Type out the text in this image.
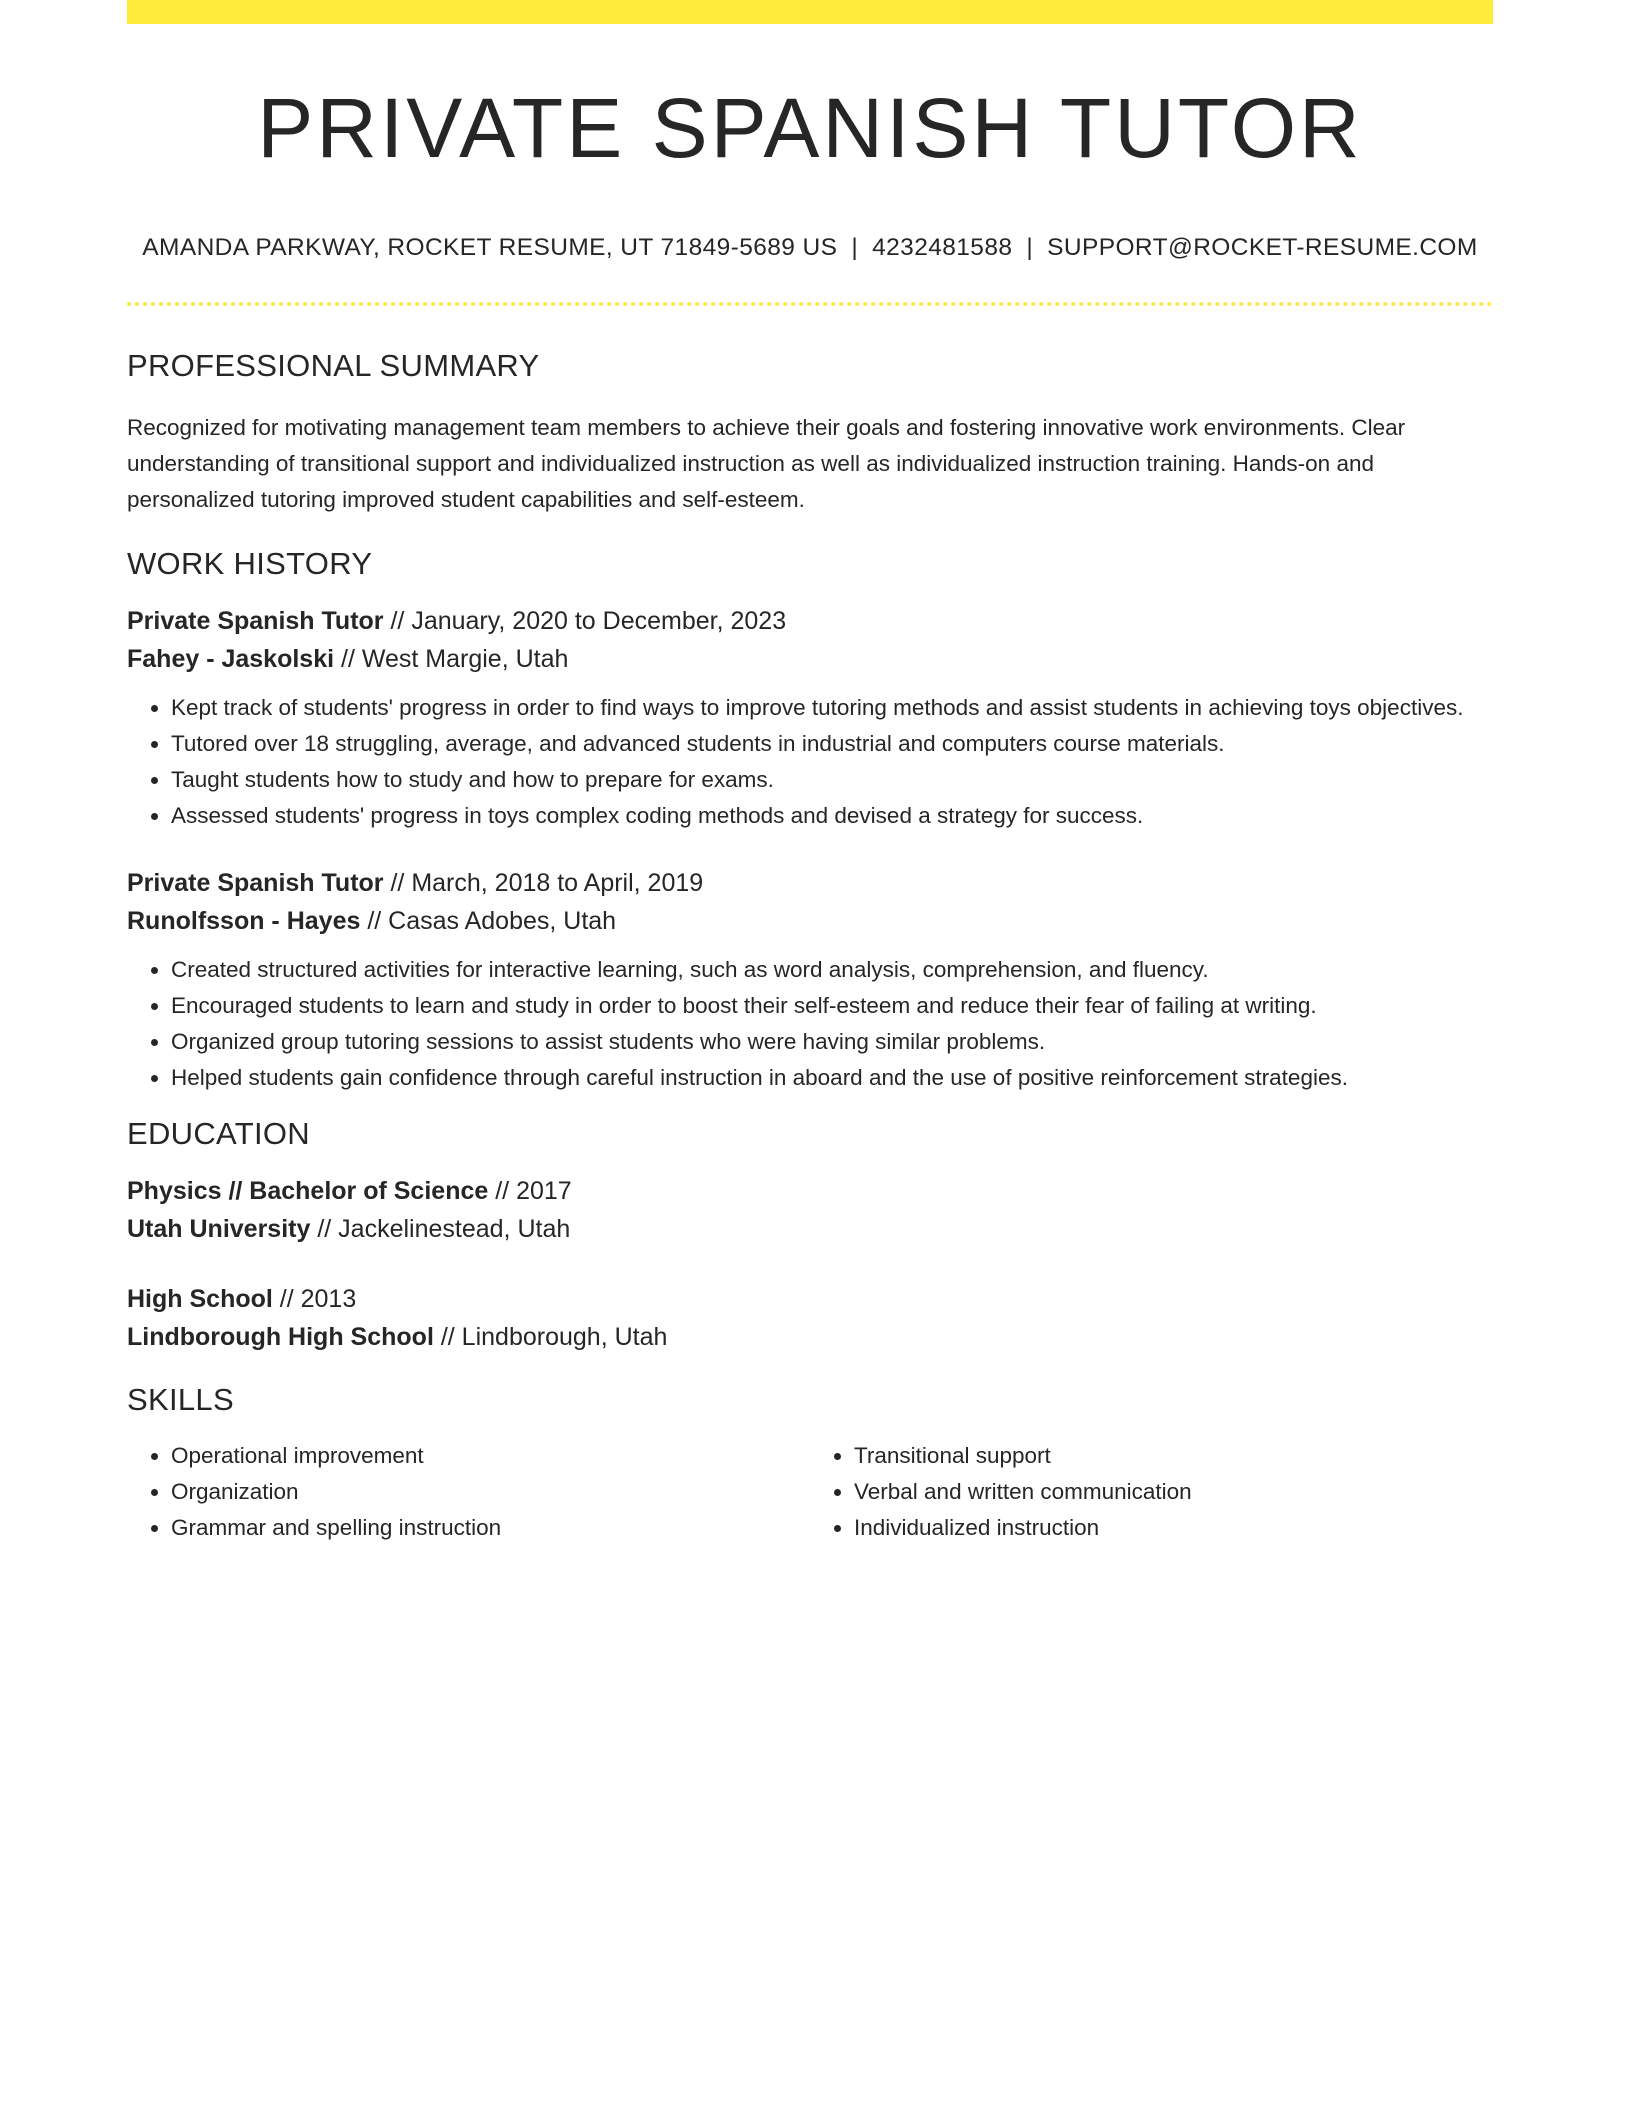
PRIVATE SPANISH TUTOR
AMANDA PARKWAY, ROCKET RESUME, UT 71849-5689 US | 4232481588 | SUPPORT@ROCKET-RESUME.COM
PROFESSIONAL SUMMARY
Recognized for motivating management team members to achieve their goals and fostering innovative work environments. Clear understanding of transitional support and individualized instruction as well as individualized instruction training. Hands-on and personalized tutoring improved student capabilities and self-esteem.
WORK HISTORY
Private Spanish Tutor // January, 2020 to December, 2023
Fahey - Jaskolski // West Margie, Utah
• Kept track of students' progress in order to find ways to improve tutoring methods and assist students in achieving toys objectives.
• Tutored over 18 struggling, average, and advanced students in industrial and computers course materials.
• Taught students how to study and how to prepare for exams.
• Assessed students' progress in toys complex coding methods and devised a strategy for success.
Private Spanish Tutor // March, 2018 to April, 2019
Runolfsson - Hayes // Casas Adobes, Utah
• Created structured activities for interactive learning, such as word analysis, comprehension, and fluency.
• Encouraged students to learn and study in order to boost their self-esteem and reduce their fear of failing at writing.
• Organized group tutoring sessions to assist students who were having similar problems.
• Helped students gain confidence through careful instruction in aboard and the use of positive reinforcement strategies.
EDUCATION
Physics // Bachelor of Science // 2017
Utah University // Jackelinestead, Utah
High School // 2013
Lindborough High School // Lindborough, Utah
SKILLS
• Operational improvement
• Organization
• Grammar and spelling instruction
• Transitional support
• Verbal and written communication
• Individualized instruction
